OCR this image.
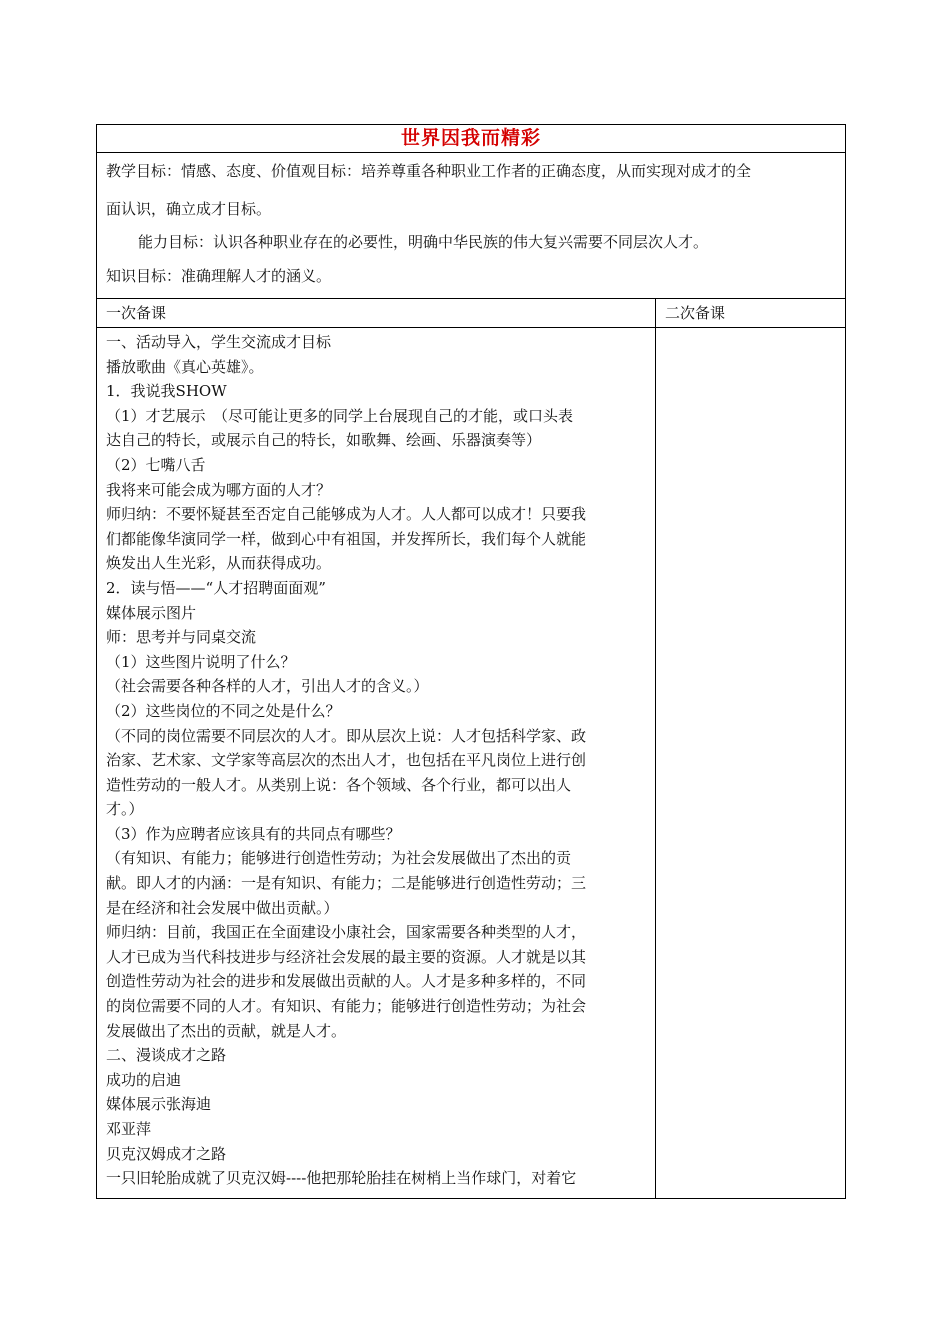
世界因我而精彩
教学目标：情感、态度、价值观目标：培养尊重各种职业工作者的正确态度，从而实现对成才的全
面认识，确立成才目标。
能力目标：认识各种职业存在的必要性，明确中华民族的伟大复兴需要不同层次人才。
知识目标：准确理解人才的涵义。
一次备课	二次备课
一、活动导入，学生交流成才目标
播放歌曲《真心英雄》。
1．我说我SHOW
（1）才艺展示　（尽可能让更多的同学上台展现自己的才能，或口头表
达自己的特长，或展示自己的特长，如歌舞、绘画、乐器演奏等）
（2）七嘴八舌
我将来可能会成为哪方面的人才？
师归纳：不要怀疑甚至否定自己能够成为人才。人人都可以成才！只要我
们都能像华演同学一样，做到心中有祖国，并发挥所长，我们每个人就能
焕发出人生光彩，从而获得成功。
2．读与悟——“人才招聘面面观”
媒体展示图片
师：思考并与同桌交流
（1）这些图片说明了什么？
（社会需要各种各样的人才，引出人才的含义。）
（2）这些岗位的不同之处是什么？
（不同的岗位需要不同层次的人才。即从层次上说：人才包括科学家、政
治家、艺术家、文学家等高层次的杰出人才，也包括在平凡岗位上进行创
造性劳动的一般人才。从类别上说：各个领域、各个行业，都可以出人
才。）
（3）作为应聘者应该具有的共同点有哪些？
（有知识、有能力；能够进行创造性劳动；为社会发展做出了杰出的贡
献。即人才的内涵：一是有知识、有能力；二是能够进行创造性劳动；三
是在经济和社会发展中做出贡献。）
师归纳：目前，我国正在全面建设小康社会，国家需要各种类型的人才，
人才已成为当代科技进步与经济社会发展的最主要的资源。人才就是以其
创造性劳动为社会的进步和发展做出贡献的人。人才是多种多样的，不同
的岗位需要不同的人才。有知识、有能力；能够进行创造性劳动；为社会
发展做出了杰出的贡献，就是人才。
二、漫谈成才之路
成功的启迪
媒体展示张海迪
邓亚萍
贝克汉姆成才之路
一只旧轮胎成就了贝克汉姆----他把那轮胎挂在树梢上当作球门，对着它
